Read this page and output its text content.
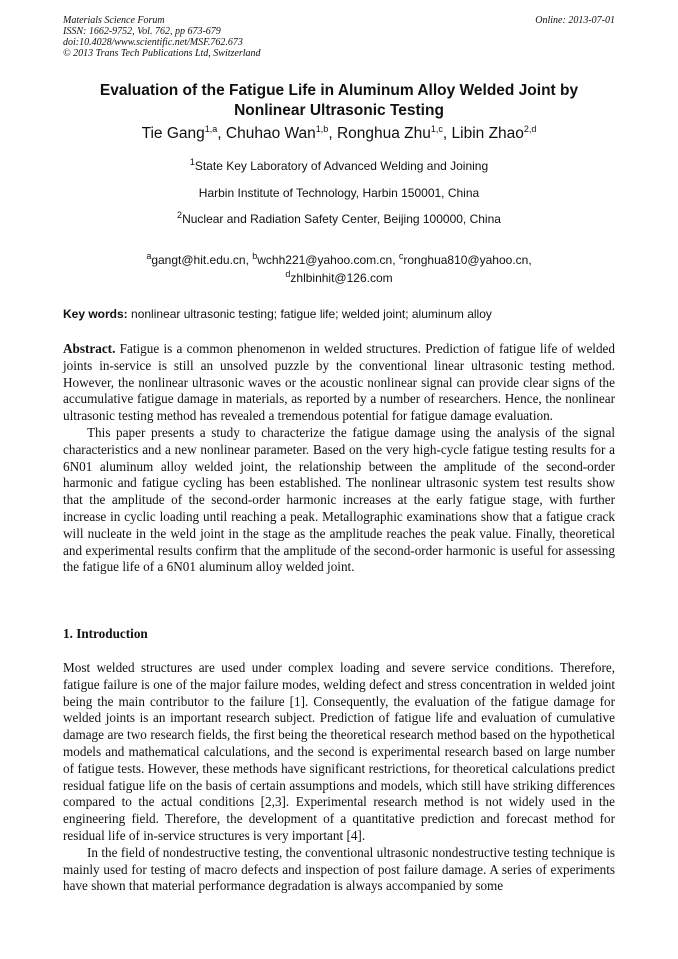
Materials Science Forum
ISSN: 1662-9752, Vol. 762, pp 673-679
doi:10.4028/www.scientific.net/MSF.762.673
© 2013 Trans Tech Publications Ltd, Switzerland
Online: 2013-07-01
Evaluation of the Fatigue Life in Aluminum Alloy Welded Joint by
Nonlinear Ultrasonic Testing
Tie Gang$^{1,a}$, Chuhao Wan$^{1,b}$, Ronghua Zhu$^{1,c}$, Libin Zhao$^{2,d}$
$^1$State Key Laboratory of Advanced Welding and Joining
Harbin Institute of Technology, Harbin 150001, China
$^2$Nuclear and Radiation Safety Center, Beijing 100000, China
$^a$gangt@hit.edu.cn, $^b$wchh221@yahoo.com.cn, $^c$ronghua810@yahoo.cn,
$^d$zhlbinhit@126.com
Key words: nonlinear ultrasonic testing; fatigue life; welded joint; aluminum alloy

Abstract. Fatigue is a common phenomenon in welded structures. Prediction of fatigue life of welded joints in-service is still an unsolved puzzle by the conventional linear ultrasonic testing method. However, the nonlinear ultrasonic waves or the acoustic nonlinear signal can provide clear signs of the accumulative fatigue damage in materials, as reported by a number of researchers. Hence, the nonlinear ultrasonic testing method has revealed a tremendous potential for fatigue damage evaluation.

This paper presents a study to characterize the fatigue damage using the analysis of the signal characteristics and a new nonlinear parameter. Based on the very high-cycle fatigue testing results for a 6N01 aluminum alloy welded joint, the relationship between the amplitude of the second-order harmonic and fatigue cycling has been established. The nonlinear ultrasonic system test results show that the amplitude of the second-order harmonic increases at the early fatigue stage, with further increase in cyclic loading until reaching a peak. Metallographic examinations show that a fatigue crack will nucleate in the weld joint in the stage as the amplitude reaches the peak value. Finally, theoretical and experimental results confirm that the amplitude of the second-order harmonic is useful for assessing the fatigue life of a 6N01 aluminum alloy welded joint.

1. Introduction

Most welded structures are used under complex loading and severe service conditions. Therefore, fatigue failure is one of the major failure modes, welding defect and stress concentration in welded joint being the main contributor to the failure [1]. Consequently, the evaluation of the fatigue damage for welded joints is an important research subject. Prediction of fatigue life and evaluation of cumulative damage are two research fields, the first being the theoretical research method based on the hypothetical models and mathematical calculations, and the second is experimental research based on large number of fatigue tests. However, these methods have significant restrictions, for theoretical calculations predict residual fatigue life on the basis of certain assumptions and models, which still have striking differences compared to the actual conditions [2,3]. Experimental research method is not widely used in the engineering field. Therefore, the development of a quantitative prediction and forecast method for residual life of in-service structures is very important [4].

In the field of nondestructive testing, the conventional ultrasonic nondestructive testing technique is mainly used for testing of macro defects and inspection of post failure damage. A series of experiments have shown that material performance degradation is always accompanied by some
